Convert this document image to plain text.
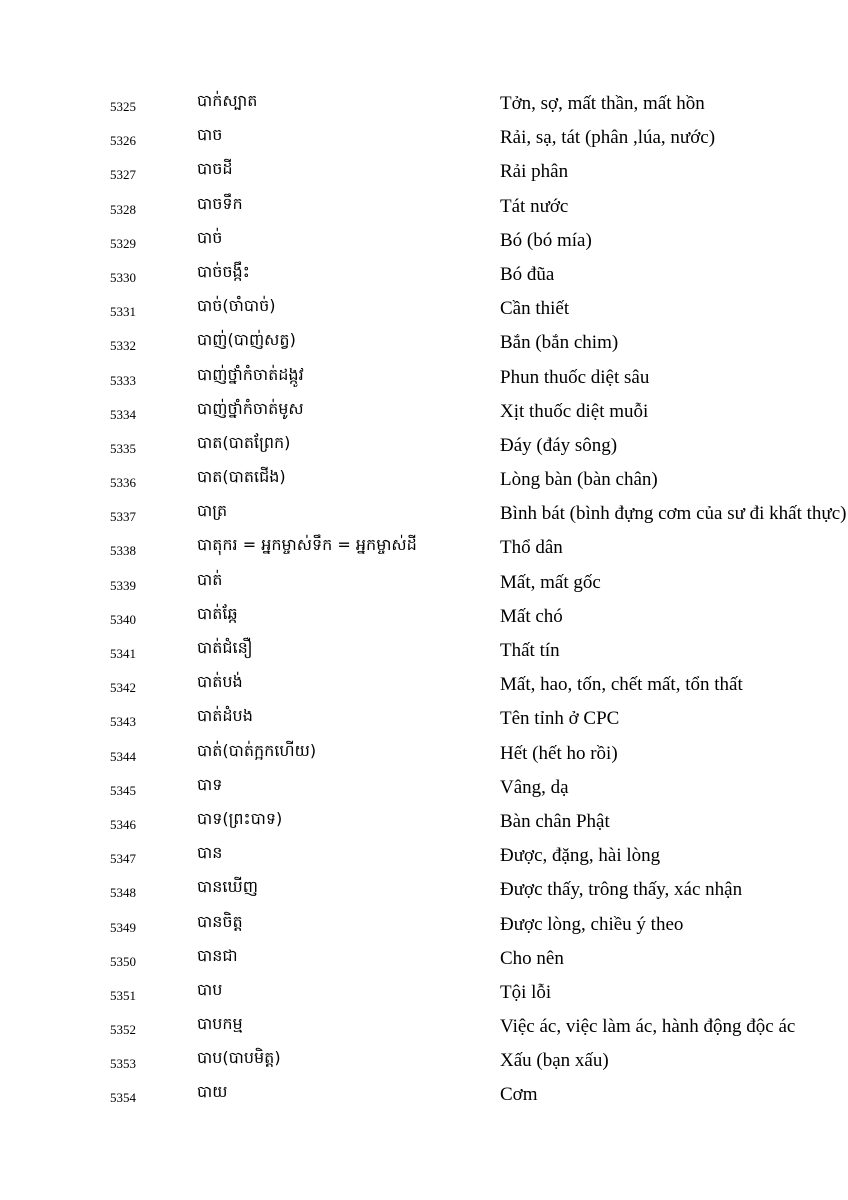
5325	បាក់ស្បាត	Tởn, sợ, mất thần, mất hồn
5326	បាច	Rải, sạ, tát (phân ,lúa, nước)
5327	បាចដី	Rải phân
5328	បាចទឹក	Tát nước
5329	បាច់	Bó (bó mía)
5330	បាច់ចង្កឹះ	Bó đũa
5331	បាច់(ចាំបាច់)	Cần thiết
5332	បាញ់(បាញ់សត្វ)	Bắn (bắn chim)
5333	បាញ់ថ្នាំកំចាត់ដង្កូវ	Phun thuốc diệt sâu
5334	បាញ់ថ្នាំកំចាត់មូស	Xịt thuốc diệt muỗi
5335	បាត(បាតព្រែក)	Đáy (đáy sông)
5336	បាត(បាតជើង)	Lòng bàn (bàn chân)
5337	បាត្រ	Bình bát (bình đựng cơm của sư đi khất thực)
5338	បាតុករ = អ្នកម្ចាស់ទឹក = អ្នកម្ចាស់ដី	Thổ dân
5339	បាត់	Mất, mất gốc
5340	បាត់ឆ្កែ	Mất chó
5341	បាត់ជំនឿ	Thất tín
5342	បាត់បង់	Mất, hao, tốn, chết mất, tổn thất
5343	បាត់ដំបង	Tên tỉnh ở CPC
5344	បាត់(បាត់ក្អកហើយ)	Hết (hết ho rồi)
5345	បាទ	Vâng, dạ
5346	បាទ(ព្រះបាទ)	Bàn chân Phật
5347	បាន	Được, đặng, hài lòng
5348	បានឃើញ	Được thấy, trông thấy, xác nhận
5349	បានចិត្ត	Được lòng, chiều ý theo
5350	បានជា	Cho nên
5351	បាប	Tội lỗi
5352	បាបកម្ម	Việc ác, việc làm ác, hành động độc ác
5353	បាប(បាបមិត្ត)	Xấu (bạn xấu)
5354	បាយ	Cơm
